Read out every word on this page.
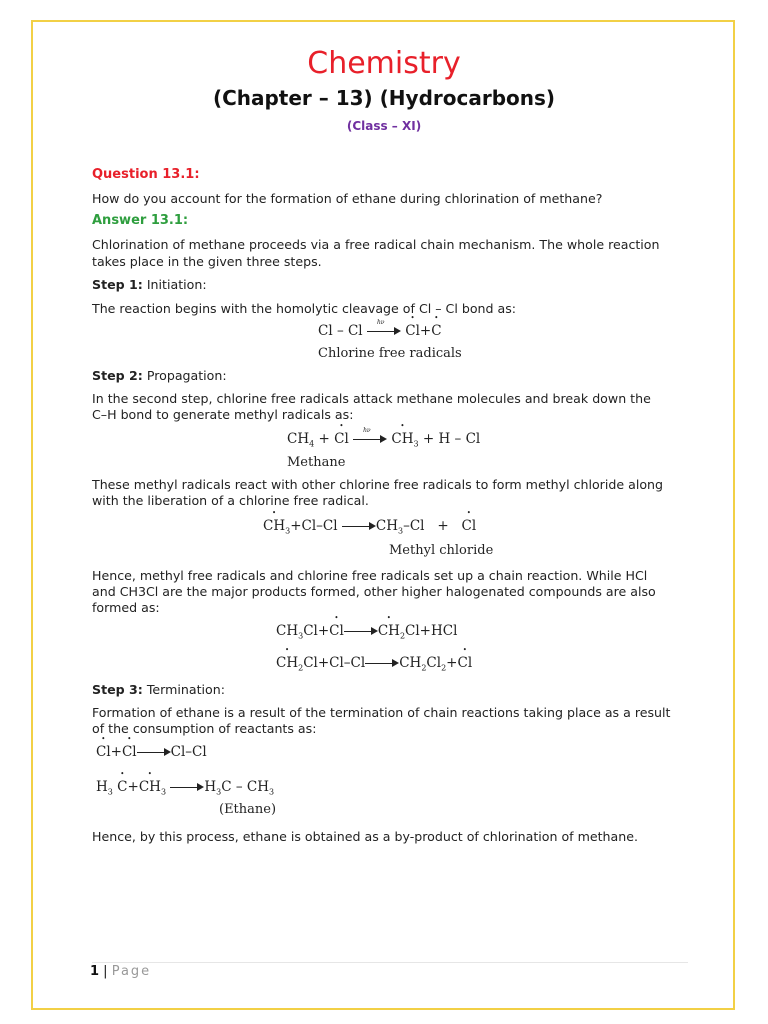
Chemistry
(Chapter – 13) (Hydrocarbons)
(Class – XI)
Question 13.1:
How do you account for the formation of ethane during chlorination of methane?
Answer 13.1:
Chlorination of methane proceeds via a free radical chain mechanism. The whole reaction
takes place in the given three steps.
Step 1: Initiation:
The reaction begins with the homolytic cleavage of Cl – Cl bond as:
Cl – Cl
hν
• Cl+• C
Chlorine free radicals
Step 2: Propagation:
In the second step, chlorine free radicals attack methane molecules and break down the
C–H bond to generate methyl radicals as:
$CH_4$ + • Cl
hν
• $CH_3 + H - Cl$
Methane
These methyl radicals react with other chlorine free radicals to form methyl chloride along
with the liberation of a chlorine free radical.
• $CH_3+Cl-Cl$	$CH_3-Cl$ + • Cl
Methyl chloride
Hence, methyl free radicals and chlorine free radicals set up a chain reaction. While HCl
and CH3Cl are the major products formed, other higher halogenated compounds are also
formed as:
$CH_3Cl+•$ Cl	• $CH_2Cl+HCl$
• $CH_2Cl+Cl-Cl$	$CH_2Cl_2+•$ Cl
Step 3: Termination:
Formation of ethane is a result of the termination of chain reactions taking place as a result
of the consumption of reactants as:
• Cl+• Cl	Cl–Cl
$H_3$ • C+• $CH_3$	$H_3C - CH_3$
(Ethane)
Hence, by this process, ethane is obtained as a by-product of chlorination of methane.
1 | Page
